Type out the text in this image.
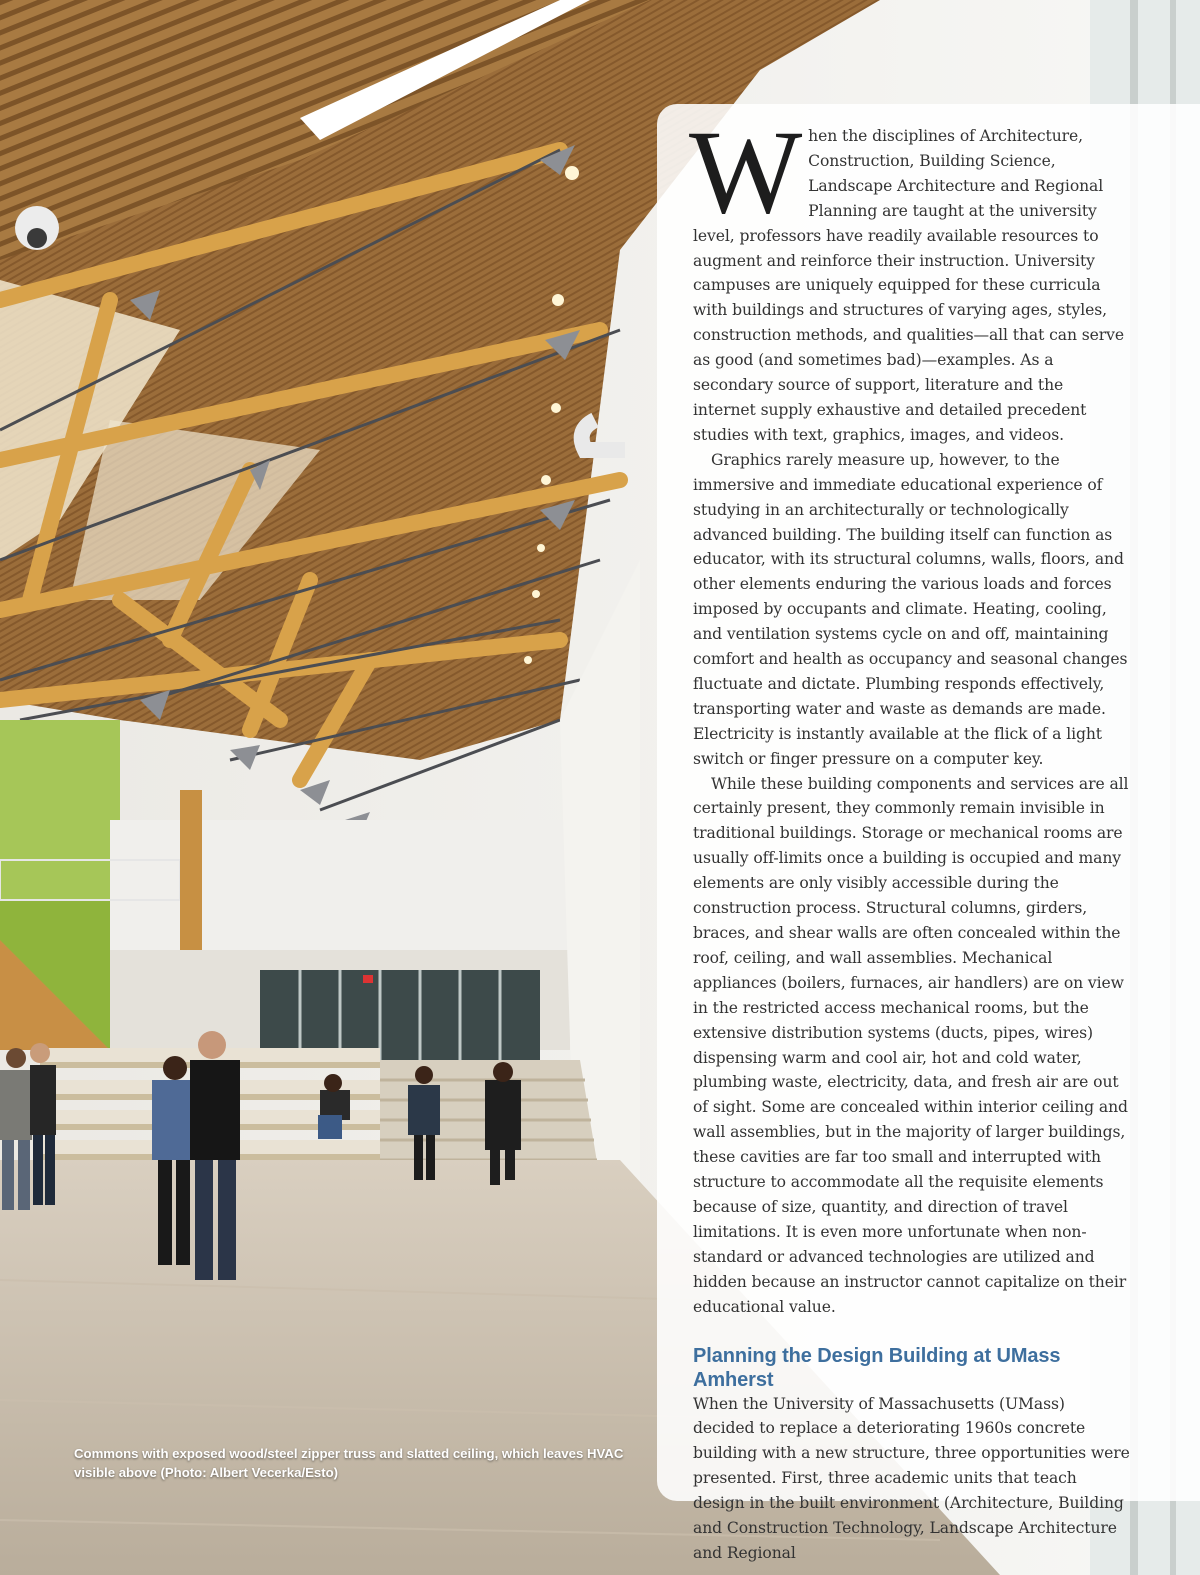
Commons with exposed wood/steel zipper truss and slatted ceiling, which leaves HVAC visible above (Photo: Albert Vecerka/Esto)

When the disciplines of Architecture, Construction, Building Science, Landscape Architecture and Regional Planning are taught at the university level, professors have readily available resources to augment and reinforce their instruction. University campuses are uniquely equipped for these curricula with buildings and structures of varying ages, styles, construction methods, and qualities—all that can serve as good (and sometimes bad)—examples. As a secondary source of support, literature and the internet supply exhaustive and detailed precedent studies with text, graphics, images, and videos.

Graphics rarely measure up, however, to the immersive and immediate educational experience of studying in an architecturally or technologically advanced building. The building itself can function as educator, with its structural columns, walls, floors, and other elements enduring the various loads and forces imposed by occupants and climate. Heating, cooling, and ventilation systems cycle on and off, maintaining comfort and health as occupancy and seasonal changes fluctuate and dictate. Plumbing responds effectively, transporting water and waste as demands are made. Electricity is instantly available at the flick of a light switch or finger pressure on a computer key.

While these building components and services are all certainly present, they commonly remain invisible in traditional buildings. Storage or mechanical rooms are usually off-limits once a building is occupied and many elements are only visibly accessible during the construction process. Structural columns, girders, braces, and shear walls are often concealed within the roof, ceiling, and wall assemblies. Mechanical appliances (boilers, furnaces, air handlers) are on view in the restricted access mechanical rooms, but the extensive distribution systems (ducts, pipes, wires) dispensing warm and cool air, hot and cold water, plumbing waste, electricity, data, and fresh air are out of sight. Some are concealed within interior ceiling and wall assemblies, but in the majority of larger buildings, these cavities are far too small and interrupted with structure to accommodate all the requisite elements because of size, quantity, and direction of travel limitations. It is even more unfortunate when non-standard or advanced technologies are utilized and hidden because an instructor cannot capitalize on their educational value.

Planning the Design Building at UMass Amherst

When the University of Massachusetts (UMass) decided to replace a deteriorating 1960s concrete building with a new structure, three opportunities were presented. First, three academic units that teach design in the built environment (Architecture, Building and Construction Technology, Landscape Architecture and Regional
